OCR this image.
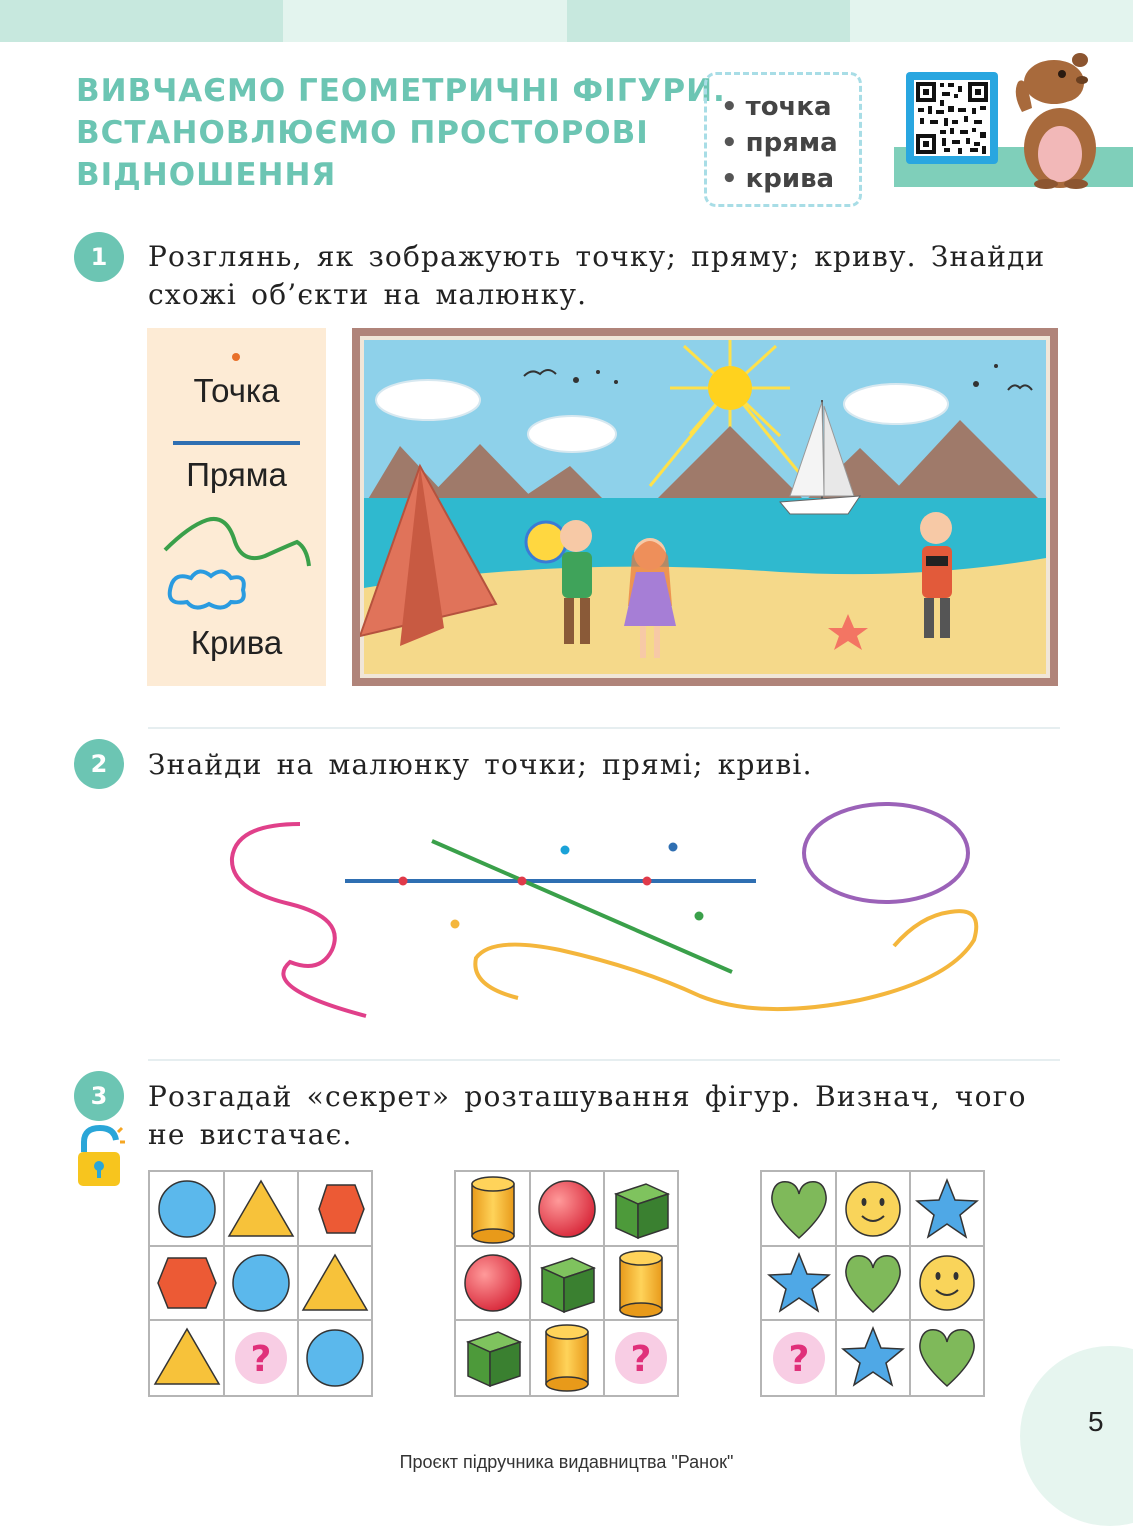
ВИВЧАЄМО ГЕОМЕТРИЧНІ ФІГУРИ.
ВСТАНОВЛЮЄМО ПРОСТОРОВІ
ВІДНОШЕННЯ
• точка
• пряма
• крива
1	Розглянь, як зображують точку; пряму; криву. Знайди
схожі об’єкти на малюнку.
Точка
Пряма
Крива
2	Знайди на малюнку точки; прямі; криві.
3	Розгадай «секрет» розташування фігур. Визнач, чого
не вистачає.
?	?	?
5
Проєкт підручника видавництва "Ранок"
